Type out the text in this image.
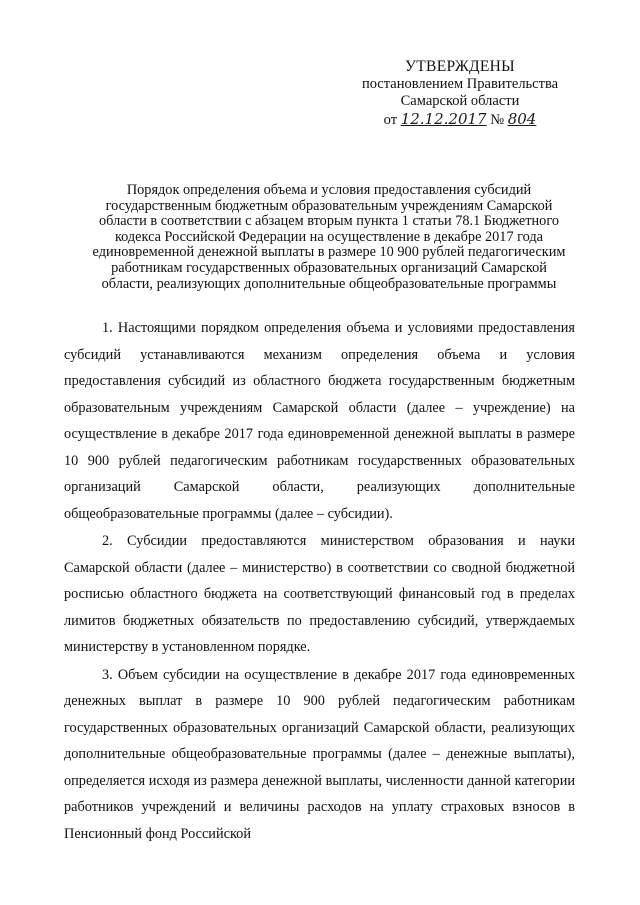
УТВЕРЖДЕНЫ
постановлением Правительства
Самарской области
от 12.12.2017 № 804
Порядок определения объема и условия предоставления субсидий государственным бюджетным образовательным учреждениям Самарской области в соответствии с абзацем вторым пункта 1 статьи 78.1 Бюджетного кодекса Российской Федерации на осуществление в декабре 2017 года единовременной денежной выплаты в размере 10 900 рублей педагогическим работникам государственных образовательных организаций Самарской области, реализующих дополнительные общеобразовательные программы

1. Настоящими порядком определения объема и условиями предоставления субсидий устанавливаются механизм определения объема и условия предоставления субсидий из областного бюджета государственным бюджетным образовательным учреждениям Самарской области (далее – учреждение) на осуществление в декабре 2017 года единовременной денежной выплаты в размере 10 900 рублей педагогическим работникам государственных образовательных организаций Самарской области, реализующих дополнительные общеобразовательные программы (далее – субсидии).

2. Субсидии предоставляются министерством образования и науки Самарской области (далее – министерство) в соответствии со сводной бюджетной росписью областного бюджета на соответствующий финансовый год в пределах лимитов бюджетных обязательств по предоставлению субсидий, утверждаемых министерству в установленном порядке.

3. Объем субсидии на осуществление в декабре 2017 года единовременных денежных выплат в размере 10 900 рублей педагогическим работникам государственных образовательных организаций Самарской области, реализующих дополнительные общеобразовательные программы (далее – денежные выплаты), определяется исходя из размера денежной выплаты, численности данной категории работников учреждений и величины расходов на уплату страховых взносов в Пенсионный фонд Российской
